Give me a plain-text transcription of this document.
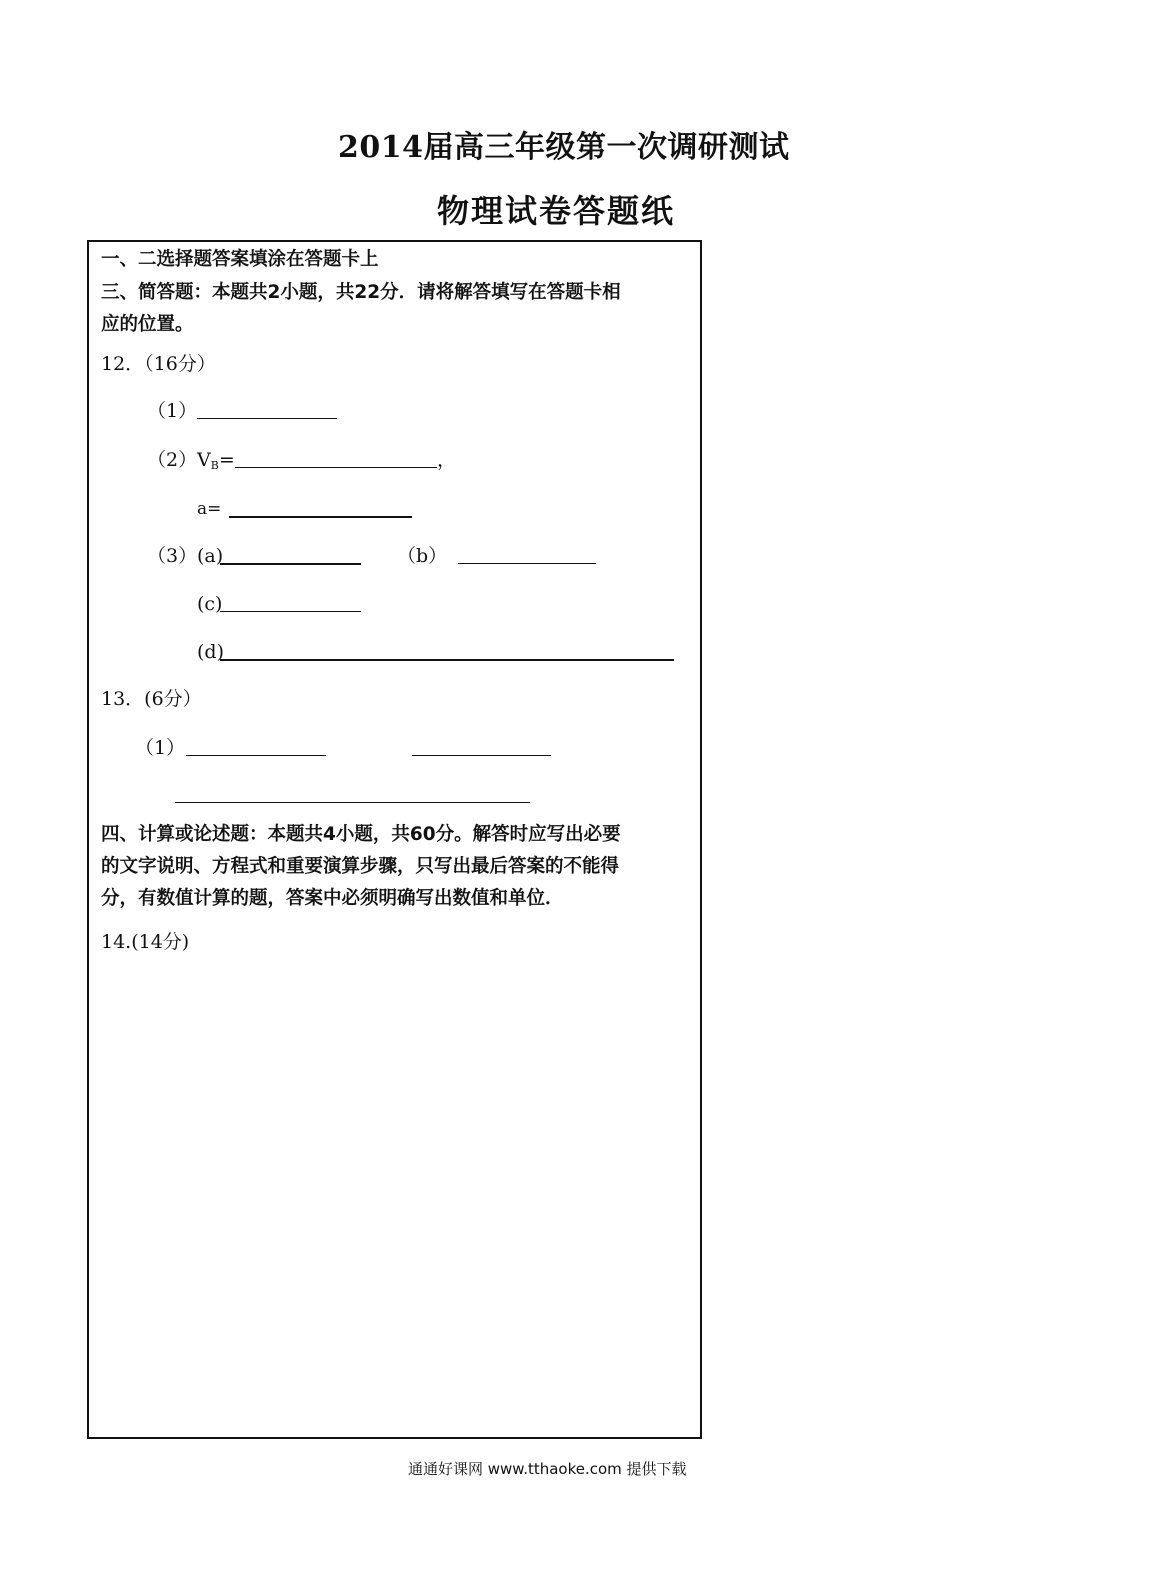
2014届高三年级第一次调研测试
物理试卷答题纸
一、二选择题答案填涂在答题卡上
三、简答题：本题共2小题，共22分．请将解答填写在答题卡相
应的位置。
12．（16分）
（1）
（2） $V_B=$	，
a=
（3） (a)	（b）
(c)
(d)
13．(6分）
（1）
四、计算或论述题：本题共4小题，共60分。解答时应写出必要
的文字说明、方程式和重要演算步骤，只写出最后答案的不能得
分，有数值计算的题，答案中必须明确写出数值和单位．
14.(14分)
通通好课网 www.tthaoke.com 提供下载
